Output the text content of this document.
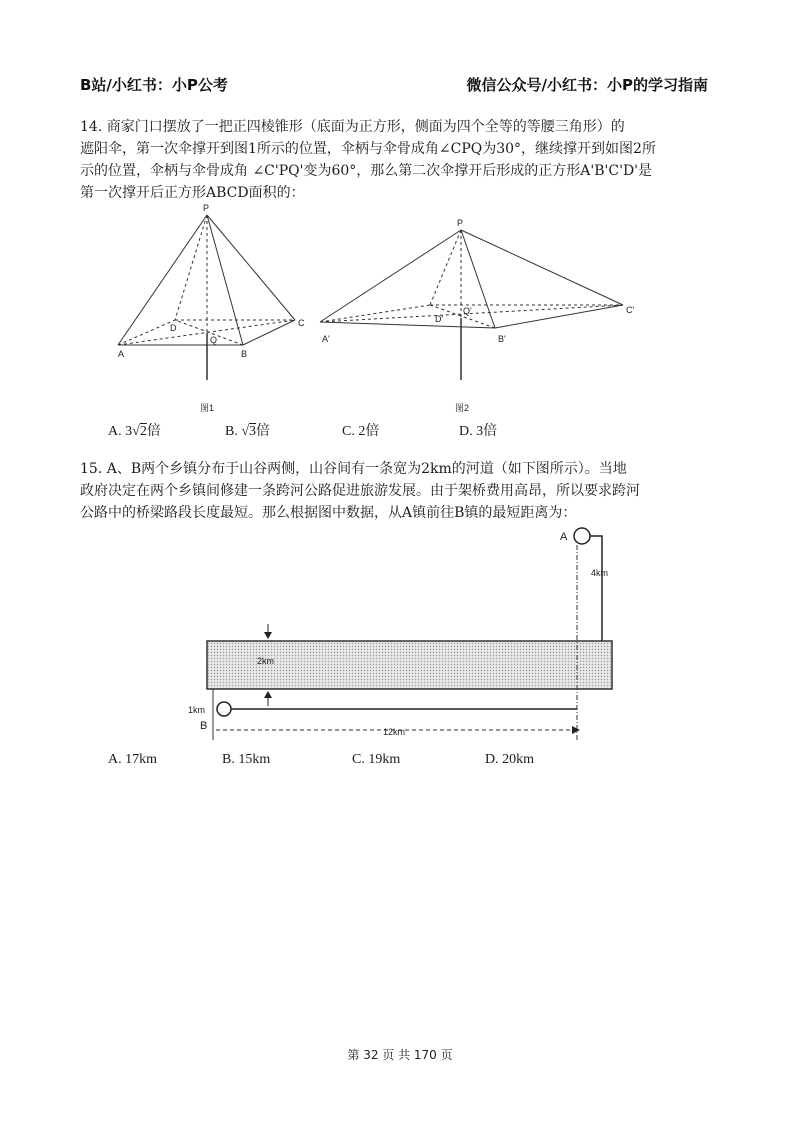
B站/小红书：小P公考	微信公众号/小红书：小P的学习指南
14. 商家门口摆放了一把正四棱锥形（底面为正方形，侧面为四个全等的等腰三角形）的
遮阳伞，第一次伞撑开到图1所示的位置，伞柄与伞骨成角∠CPQ为30°，继续撑开到如图2所
示的位置，伞柄与伞骨成角 ∠C'PQ'变为60°，那么第二次伞撑开后形成的正方形A'B'C'D'是
第一次撑开后正方形ABCD面积的：
P
A	B
C
D
Q
图1
P
A'	B'
C'
D'
Q'
图2
A
4km
2km
1km
B	12km
A. 3√2倍	B. √3倍	C. 2倍	D. 3倍
15. A、B两个乡镇分布于山谷两侧，山谷间有一条宽为2km的河道（如下图所示）。当地
政府决定在两个乡镇间修建一条跨河公路促进旅游发展。由于架桥费用高昂，所以要求跨河
公路中的桥梁路段长度最短。那么根据图中数据，从A镇前往B镇的最短距离为：
A. 17km	B. 15km	C. 19km	D. 20km
第 32 页 共 170 页
